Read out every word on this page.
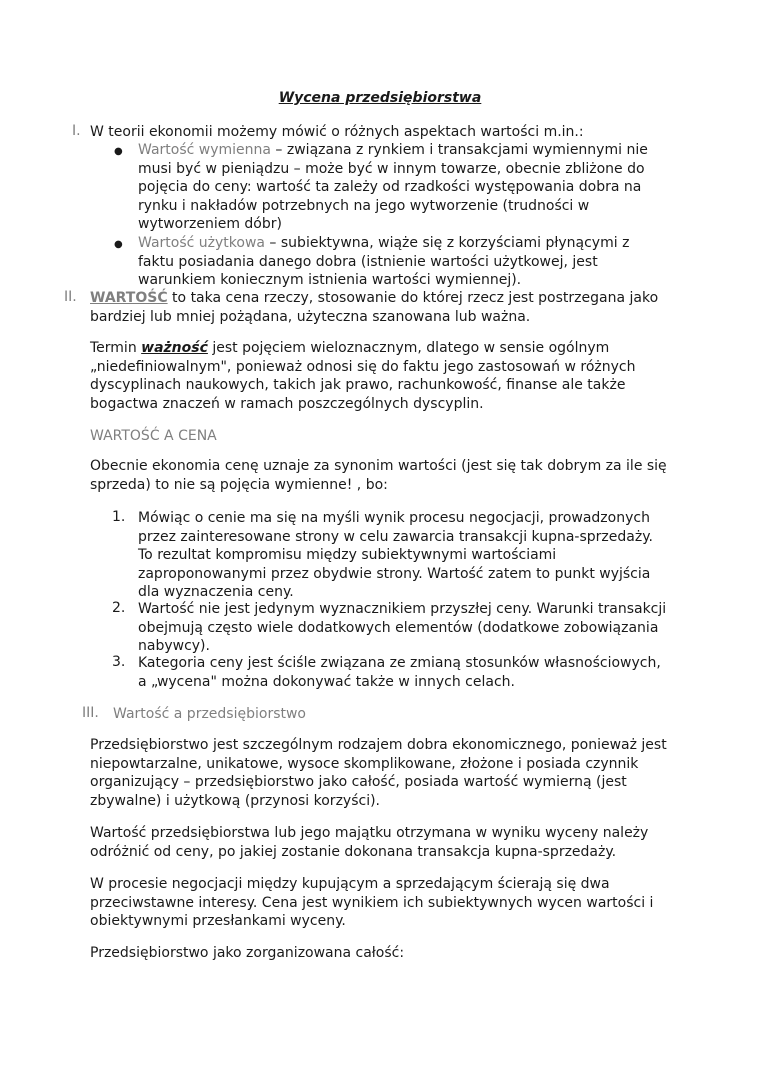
Wycena przedsiębiorstwa
I. W teorii ekonomii możemy mówić o różnych aspektach wartości m.in.:
● Wartość wymienna – związana z rynkiem i transakcjami wymiennymi nie

musi być w pieniądzu – może być w innym towarze, obecnie zbliżone do

pojęcia do ceny: wartość ta zależy od rzadkości występowania dobra na

rynku i nakładów potrzebnych na jego wytworzenie (trudności w

wytworzeniem dóbr)

● Wartość użytkowa – subiektywna, wiąże się z korzyściami płynącymi z

faktu posiadania danego dobra (istnienie wartości użytkowej, jest

warunkiem koniecznym istnienia wartości wymiennej).

II. WARTOŚĆ to taka cena rzeczy, stosowanie do której rzecz jest postrzegana jako

bardziej lub mniej pożądana, użyteczna szanowana lub ważna.

Termin ważność jest pojęciem wieloznacznym, dlatego w sensie ogólnym

„niedefiniowalnym", ponieważ odnosi się do faktu jego zastosowań w różnych

dyscyplinach naukowych, takich jak prawo, rachunkowość, finanse ale także

bogactwa znaczeń w ramach poszczególnych dyscyplin.

WARTOŚĆ A CENA

Obecnie ekonomia cenę uznaje za synonim wartości (jest się tak dobrym za ile się

sprzeda) to nie są pojęcia wymienne! , bo:

1. Mówiąc o cenie ma się na myśli wynik procesu negocjacji, prowadzonych

przez zainteresowane strony w celu zawarcia transakcji kupna-sprzedaży.

To rezultat kompromisu między subiektywnymi wartościami

zaproponowanymi przez obydwie strony. Wartość zatem to punkt wyjścia

dla wyznaczenia ceny.

2. Wartość nie jest jedynym wyznacznikiem przyszłej ceny. Warunki transakcji

obejmują często wiele dodatkowych elementów (dodatkowe zobowiązania

nabywcy).

3. Kategoria ceny jest ściśle związana ze zmianą stosunków własnościowych,

a „wycena" można dokonywać także w innych celach.

III. Wartość a przedsiębiorstwo

Przedsiębiorstwo jest szczególnym rodzajem dobra ekonomicznego, ponieważ jest

niepowtarzalne, unikatowe, wysoce skomplikowane, złożone i posiada czynnik

organizujący – przedsiębiorstwo jako całość, posiada wartość wymierną (jest

zbywalne) i użytkową (przynosi korzyści).

Wartość przedsiębiorstwa lub jego majątku otrzymana w wyniku wyceny należy

odróżnić od ceny, po jakiej zostanie dokonana transakcja kupna-sprzedaży.

W procesie negocjacji między kupującym a sprzedającym ścierają się dwa

przeciwstawne interesy. Cena jest wynikiem ich subiektywnych wycen wartości i

obiektywnymi przesłankami wyceny.

Przedsiębiorstwo jako zorganizowana całość:
